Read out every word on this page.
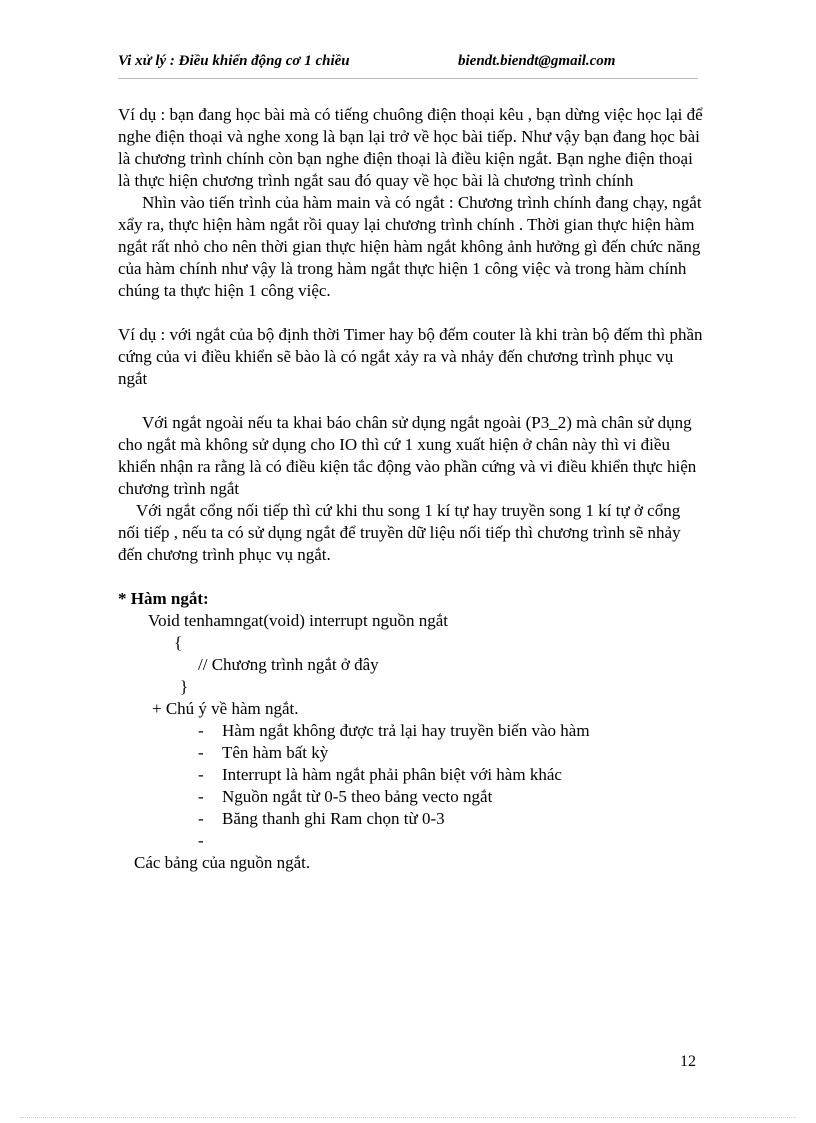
Vi xử lý : Điều khiển động cơ 1 chiều	biendt.biendt@gmail.com

Ví dụ : bạn đang học bài mà có tiếng chuông điện thoại kêu , bạn dừng việc học lại để nghe điện thoại và nghe xong là bạn lại trở về học bài tiếp. Như vậy bạn đang học bài là chương trình chính còn bạn nghe điện thoại là điều kiện ngắt. Bạn nghe điện thoại là thực hiện chương trình ngắt sau đó quay về học bài là chương trình chính

Nhìn vào tiến trình của hàm main và có ngắt : Chương trình chính đang chạy, ngắt xẩy ra, thực hiện hàm ngắt rồi quay lại chương trình chính . Thời gian thực hiện hàm ngắt rất nhỏ cho nên thời gian thực hiện hàm ngắt không ảnh hưởng gì đến chức năng của hàm chính như vậy là trong hàm ngắt thực hiện 1 công việc và trong hàm chính chúng ta thực hiện 1 công việc.

Ví dụ : với ngắt của bộ định thời Timer hay bộ đếm couter là khi tràn bộ đếm thì phần cứng của vi điều khiển sẽ bào là có ngắt xảy ra và nhảy đến chương trình phục vụ ngắt

Với ngắt ngoài nếu ta khai báo chân sử dụng ngắt ngoài (P3_2) mà chân sử dụng cho ngắt mà không sử dụng cho IO thì cứ 1 xung xuất hiện ở chân này thì vi điều khiển nhận ra rằng là có điều kiện tắc động vào phần cứng và vi điều khiển thực hiện chương trình ngắt

Với ngắt cổng nối tiếp thì cứ khi thu song 1 kí tự hay truyền song 1 kí tự ở cổng nối tiếp , nếu ta có sử dụng ngắt để truyền dữ liệu nối tiếp thì chương trình sẽ nhảy đến chương trình phục vụ ngắt.

* Hàm ngắt:

Void tenhamngat(void) interrupt nguồn ngắt

{

// Chương trình ngắt ở đây

}

+ Chú ý về hàm ngắt.

- Hàm ngắt không được trả lại hay truyền biến vào hàm
- Tên hàm bất kỳ
- Interrupt là hàm ngắt phải phân biệt với hàm khác
- Nguồn ngắt từ 0-5 theo bảng vecto ngắt
- Băng thanh ghi Ram chọn từ 0-3
-

Các bảng của nguồn ngắt.

12
